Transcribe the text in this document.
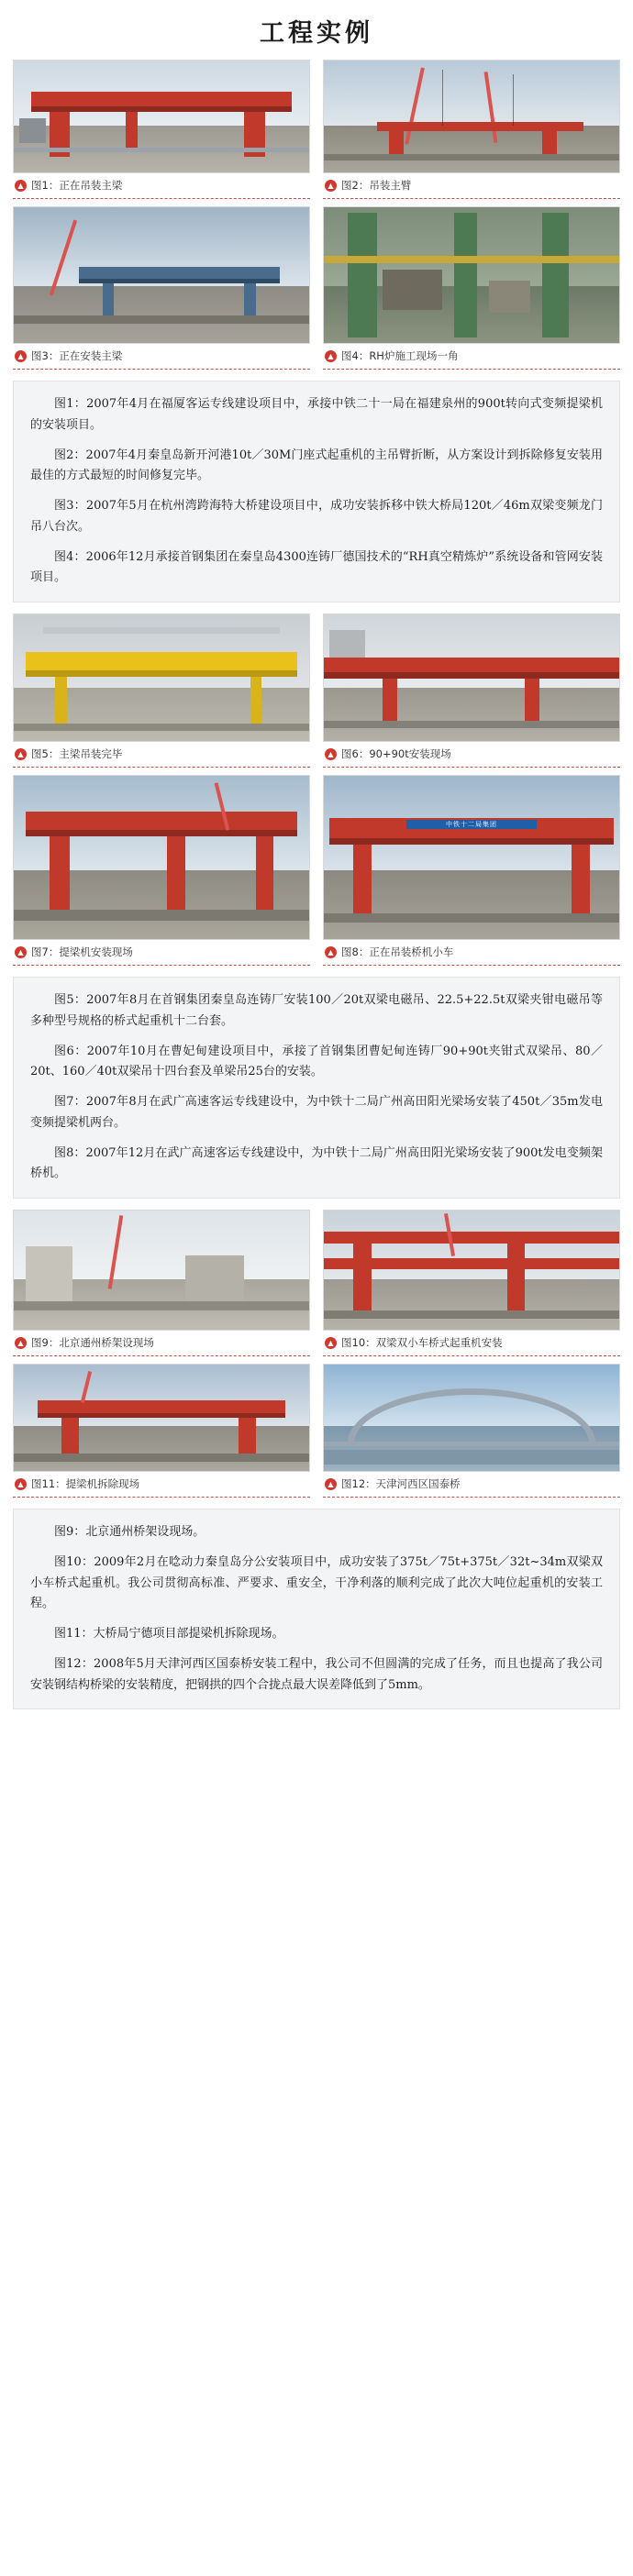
工程实例
▲ 图1：正在吊装主梁	▲ 图2：吊装主臂
▲ 图3：正在安装主梁	▲ 图4：RH炉施工现场一角

图1：2007年4月在福厦客运专线建设项目中，承接中铁二十一局在福建泉州的900t转向式变频提梁机的安装项目。

图2：2007年4月秦皇岛新开河港10t／30M门座式起重机的主吊臂折断，从方案设计到拆除修复安装用最佳的方式最短的时间修复完毕。

图3：2007年5月在杭州湾跨海特大桥建设项目中，成功安装拆移中铁大桥局120t／46m双梁变频龙门吊八台次。

图4：2006年12月承接首钢集团在秦皇岛4300连铸厂德国技术的“RH真空精炼炉”系统设备和管网安装项目。

▲ 图5：主梁吊装完毕	▲ 图6：90+90t安装现场
▲ 图7：提梁机安装现场
中铁十二局集团
▲ 图8：正在吊装桥机小车

图5：2007年8月在首钢集团秦皇岛连铸厂安装100／20t双梁电磁吊、22.5+22.5t双梁夹钳电磁吊等多种型号规格的桥式起重机十二台套。

图6：2007年10月在曹妃甸建设项目中，承接了首钢集团曹妃甸连铸厂90+90t夹钳式双梁吊、80／20t、160／40t双梁吊十四台套及单梁吊25台的安装。

图7：2007年8月在武广高速客运专线建设中，为中铁十二局广州高田阳光梁场安装了450t／35m发电变频提梁机两台。

图8：2007年12月在武广高速客运专线建设中，为中铁十二局广州高田阳光梁场安装了900t发电变频架桥机。

▲ 图9：北京通州桥架设现场	▲ 图10：双梁双小车桥式起重机安装
▲ 图11：提梁机拆除现场	▲ 图12：天津河西区国泰桥

图9：北京通州桥架设现场。

图10：2009年2月在唸动力秦皇岛分公安装项目中，成功安装了375t／75t+375t／32t~34m双梁双小车桥式起重机。我公司贯彻高标准、严要求、重安全，干净利落的顺利完成了此次大吨位起重机的安装工程。

图11：大桥局宁德项目部提梁机拆除现场。

图12：2008年5月天津河西区国泰桥安装工程中，我公司不但圆满的完成了任务，而且也提高了我公司安装钢结构桥梁的安装精度，把钢拱的四个合拢点最大误差降低到了5mm。
